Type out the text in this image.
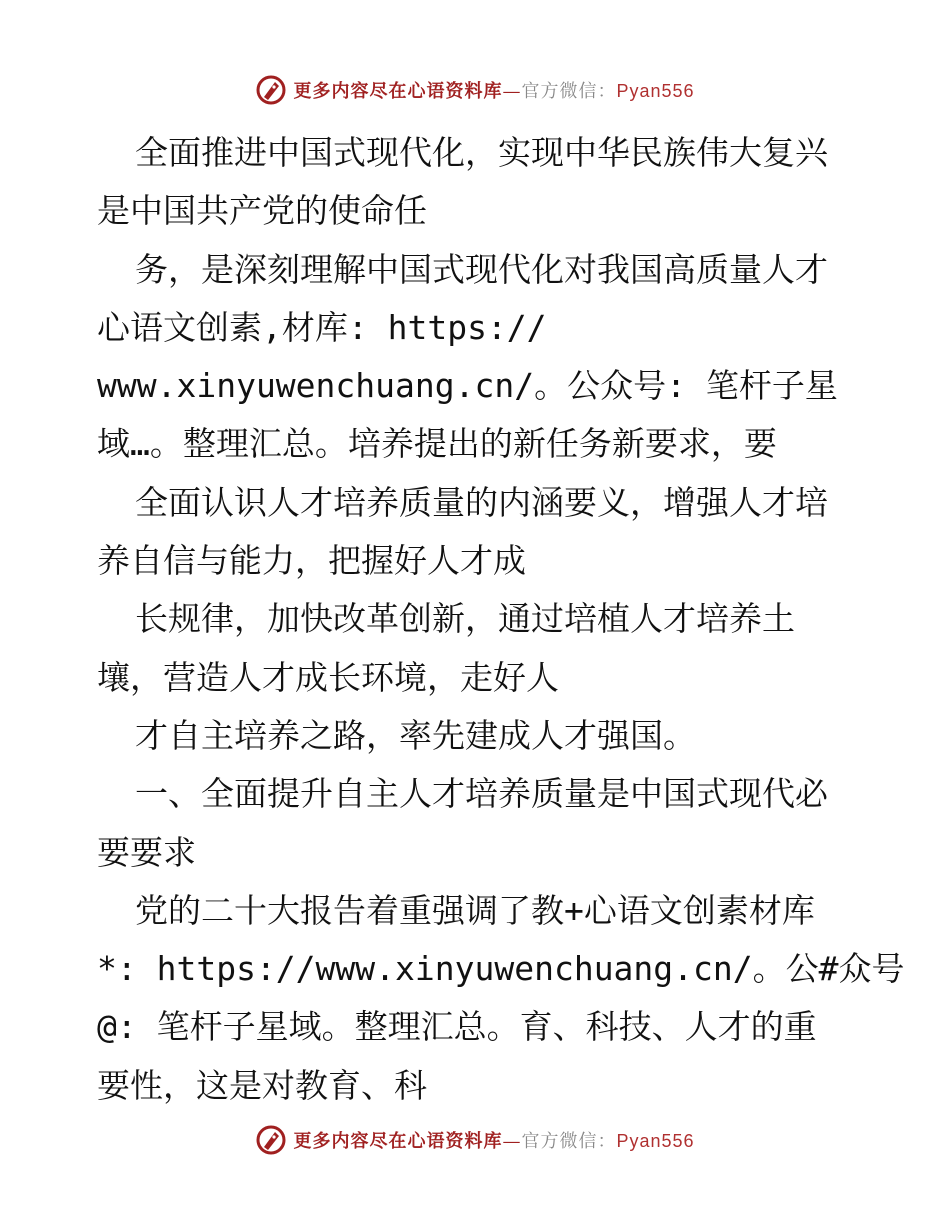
更多内容尽在心语资料库—官方微信：Pyan556
全面推进中国式现代化，实现中华民族伟大复兴
是中国共产党的使命任
务，是深刻理解中国式现代化对我国高质量人才
心语文创素,材库: https://
www.xinyuwenchuang.cn/。公众号: 笔杆子星
域…。整理汇总。培养提出的新任务新要求，要
全面认识人才培养质量的内涵要义，增强人才培
养自信与能力，把握好人才成
长规律，加快改革创新，通过培植人才培养土
壤，营造人才成长环境，走好人
才自主培养之路，率先建成人才强国。
一、全面提升自主人才培养质量是中国式现代必
要要求
党的二十大报告着重强调了教+心语文创素材库
*: https://www.xinyuwenchuang.cn/。公#众号
@: 笔杆子星域。整理汇总。育、科技、人才的重
要性，这是对教育、科
更多内容尽在心语资料库—官方微信：Pyan556
